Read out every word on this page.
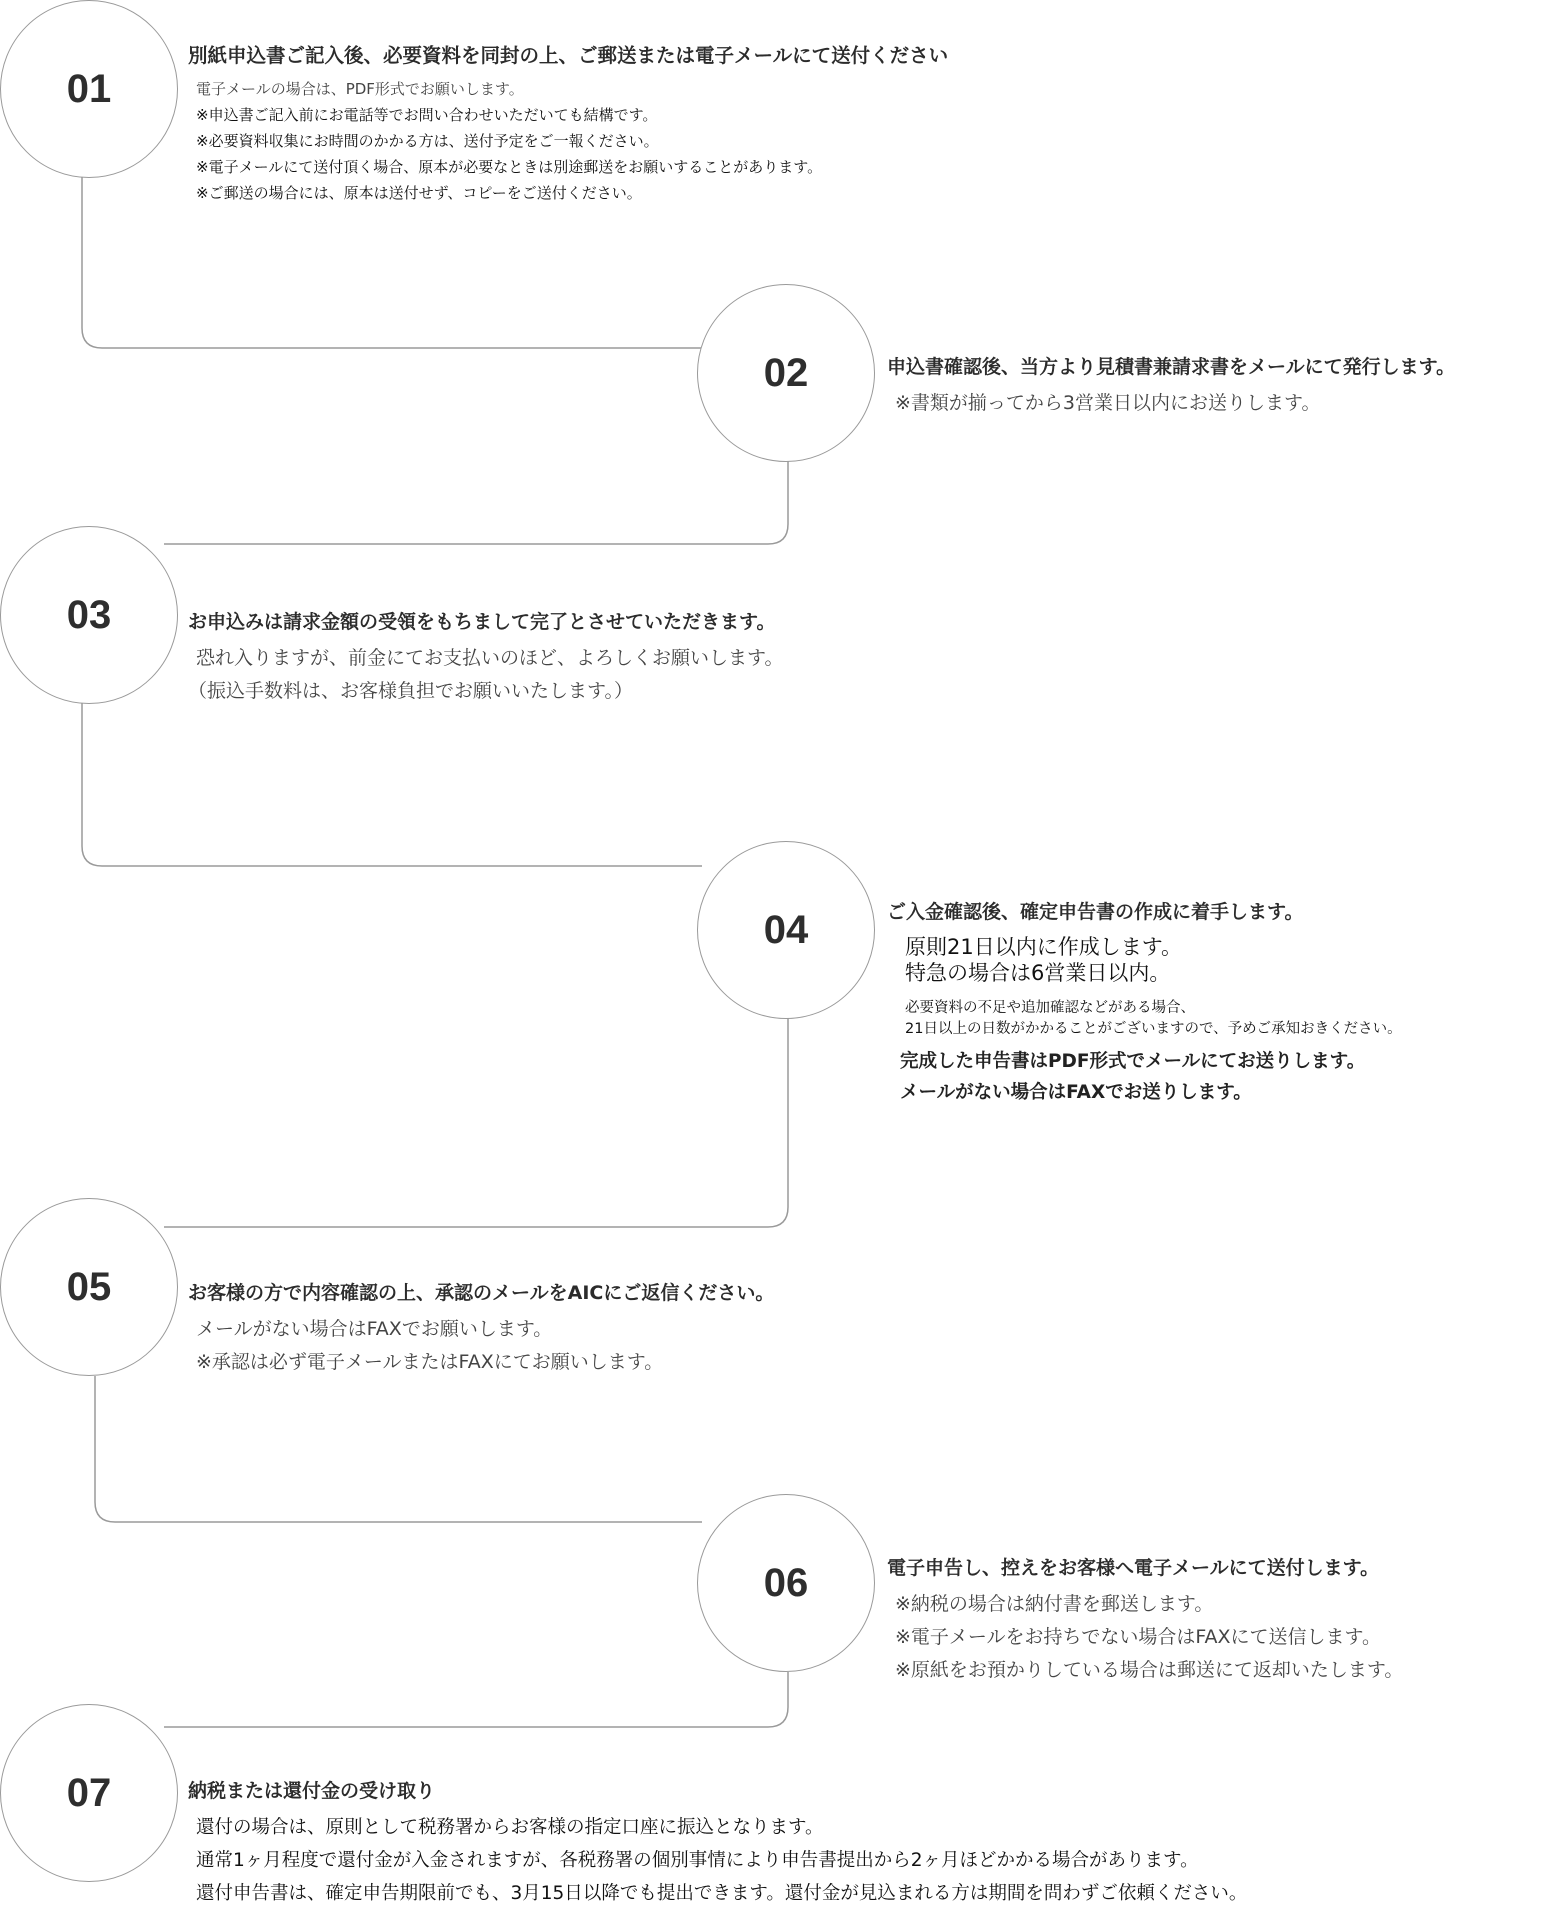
01
別紙申込書ご記入後、必要資料を同封の上、ご郵送または電子メールにて送付ください
電子メールの場合は、PDF形式でお願いします。
※申込書ご記入前にお電話等でお問い合わせいただいても結構です。
※必要資料収集にお時間のかかる方は、送付予定をご一報ください。
※電子メールにて送付頂く場合、原本が必要なときは別途郵送をお願いすることがあります。
※ご郵送の場合には、原本は送付せず、コピーをご送付ください。
02	申込書確認後、当方より見積書兼請求書をメールにて発行します。
※書類が揃ってから3営業日以内にお送りします。
03	お申込みは請求金額の受領をもちまして完了とさせていただきます。
恐れ入りますが、前金にてお支払いのほど、よろしくお願いします。
（振込手数料は、お客様負担でお願いいたします。）
04	ご入金確認後、確定申告書の作成に着手します。
原則21日以内に作成します。
特急の場合は6営業日以内。
必要資料の不足や追加確認などがある場合、
21日以上の日数がかかることがございますので、予めご承知おきください。
完成した申告書はPDF形式でメールにてお送りします。
メールがない場合はFAXでお送りします。
05	お客様の方で内容確認の上、承認のメールをAICにご返信ください。
メールがない場合はFAXでお願いします。
※承認は必ず電子メールまたはFAXにてお願いします。
06	電子申告し、控えをお客様へ電子メールにて送付します。
※納税の場合は納付書を郵送します。
※電子メールをお持ちでない場合はFAXにて送信します。
※原紙をお預かりしている場合は郵送にて返却いたします。
07	納税または還付金の受け取り
還付の場合は、原則として税務署からお客様の指定口座に振込となります。
通常1ヶ月程度で還付金が入金されますが、各税務署の個別事情により申告書提出から2ヶ月ほどかかる場合があります。
還付申告書は、確定申告期限前でも、3月15日以降でも提出できます。還付金が見込まれる方は期間を問わずご依頼ください。
